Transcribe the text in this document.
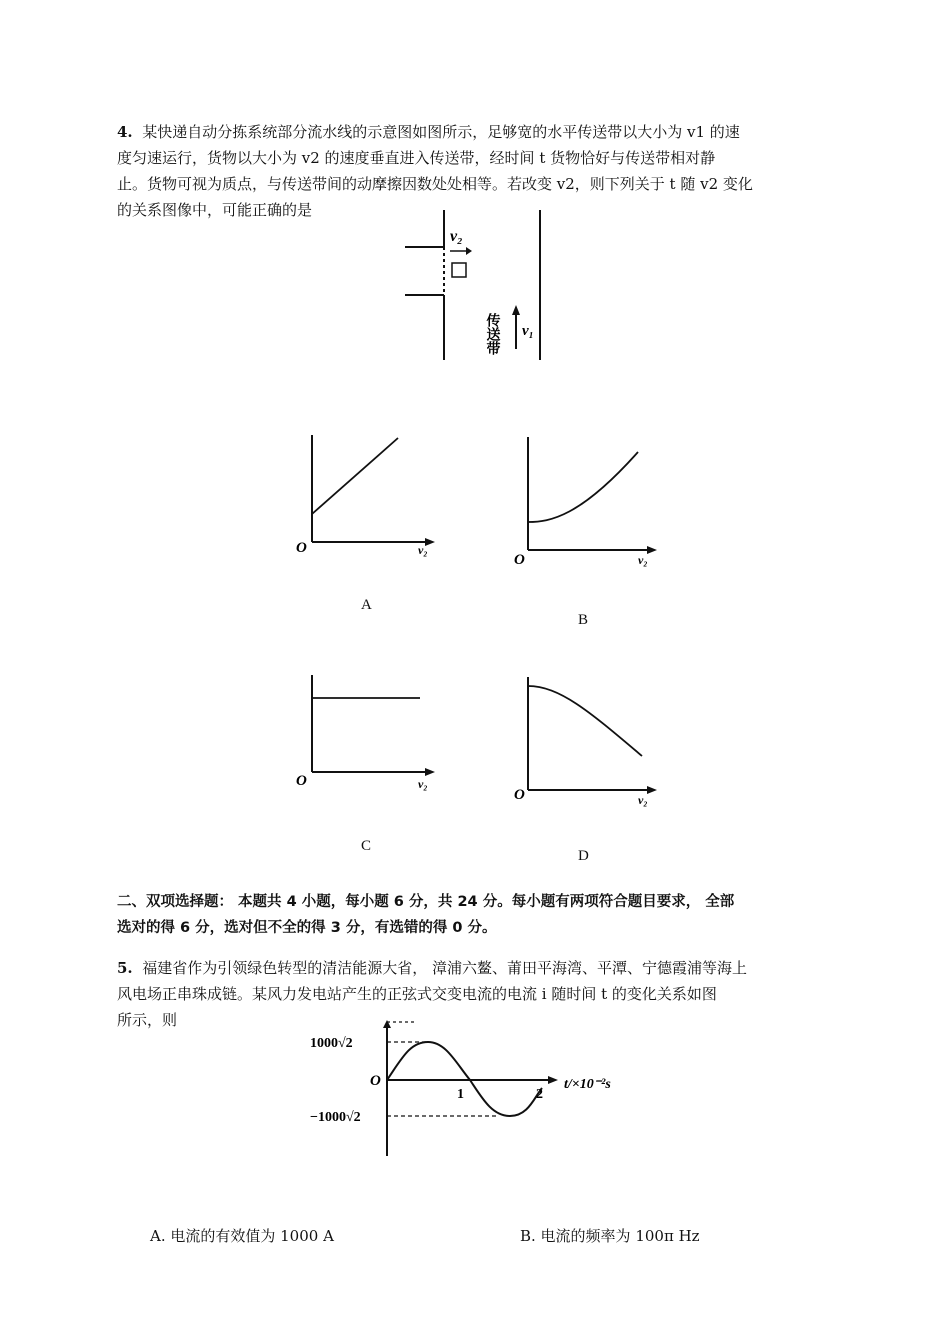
4. 某快递自动分拣系统部分流水线的示意图如图所示，足够宽的水平传送带以大小为 v1 的速
度匀速运行，货物以大小为 v2 的速度垂直进入传送带，经时间 t 货物恰好与传送带相对静
止。货物可视为质点，与传送带间的动摩擦因数处处相等。若改变 v2，则下列关于 t 随 v2 变化
的关系图像中，可能正确的是
v₂
v₁
传送带
O	v₂
A
O	v₂
B
O	v₂
C
O	v₂
D
二、双项选择题： 本题共 4 小题，每小题 6 分，共 24 分。每小题有两项符合题目要求， 全部
选对的得 6 分，选对但不全的得 3 分，有选错的得 0 分。
5. 福建省作为引领绿色转型的清洁能源大省， 漳浦六鳌、莆田平海湾、平潭、宁德霞浦等海上
风电场正串珠成链。某风力发电站产生的正弦式交变电流的电流 i 随时间 t 的变化关系如图
所示，则
1000√2
O
−1000√2
1	2
t/×10⁻²s
A. 电流的有效值为 1000 A	B. 电流的频率为 100π Hz
